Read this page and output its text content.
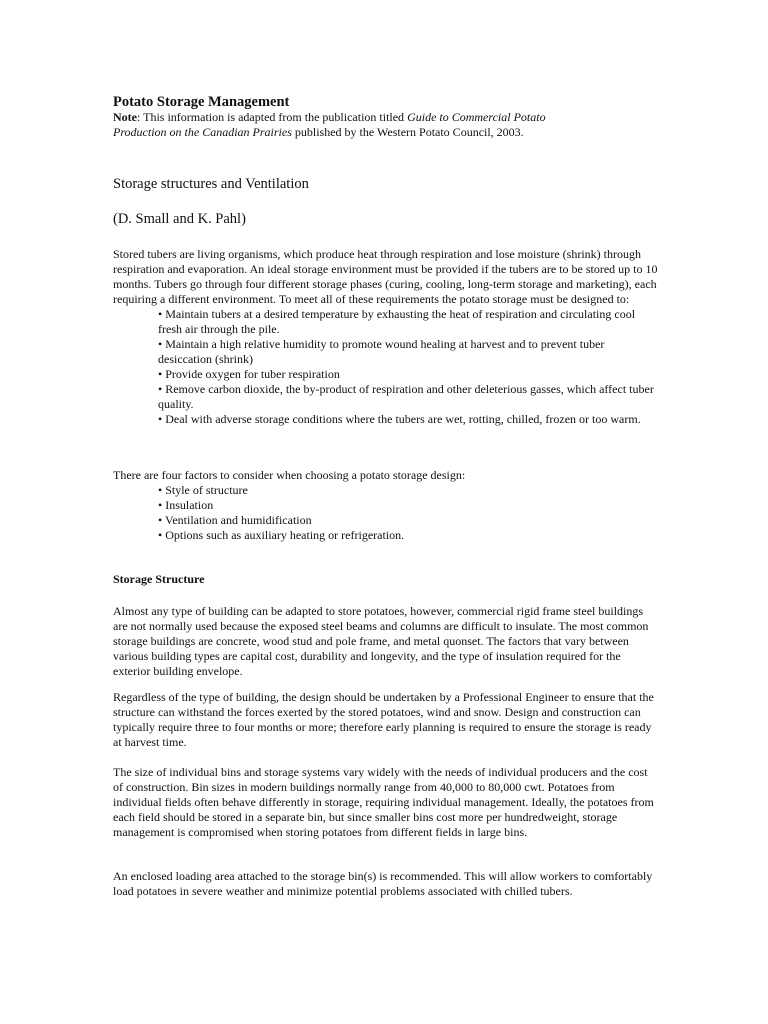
Potato Storage Management
Note: This information is adapted from the publication titled Guide to Commercial Potato Production on the Canadian Prairies published by the Western Potato Council, 2003.
Storage structures and Ventilation
(D. Small and K. Pahl)

Stored tubers are living organisms, which produce heat through respiration and lose moisture (shrink) through respiration and evaporation. An ideal storage environment must be provided if the tubers are to be stored up to 10 months. Tubers go through four different storage phases (curing, cooling, long-term storage and marketing), each requiring a different environment. To meet all of these requirements the potato storage must be designed to:

• Maintain tubers at a desired temperature by exhausting the heat of respiration and circulating cool fresh air through the pile.
• Maintain a high relative humidity to promote wound healing at harvest and to prevent tuber desiccation (shrink)
• Provide oxygen for tuber respiration
• Remove carbon dioxide, the by-product of respiration and other deleterious gasses, which affect tuber quality.
• Deal with adverse storage conditions where the tubers are wet, rotting, chilled, frozen or too warm.

There are four factors to consider when choosing a potato storage design:

• Style of structure
• Insulation
• Ventilation and humidification
• Options such as auxiliary heating or refrigeration.
Storage Structure
Almost any type of building can be adapted to store potatoes, however, commercial rigid frame steel buildings are not normally used because the exposed steel beams and columns are difficult to insulate. The most common storage buildings are concrete, wood stud and pole frame, and metal quonset. The factors that vary between various building types are capital cost, durability and longevity, and the type of insulation required for the exterior building envelope.
Regardless of the type of building, the design should be undertaken by a Professional Engineer to ensure that the structure can withstand the forces exerted by the stored potatoes, wind and snow. Design and construction can typically require three to four months or more; therefore early planning is required to ensure the storage is ready at harvest time.
The size of individual bins and storage systems vary widely with the needs of individual producers and the cost of construction. Bin sizes in modern buildings normally range from 40,000 to 80,000 cwt. Potatoes from individual fields often behave differently in storage, requiring individual management. Ideally, the potatoes from each field should be stored in a separate bin, but since smaller bins cost more per hundredweight, storage management is compromised when storing potatoes from different fields in large bins.
An enclosed loading area attached to the storage bin(s) is recommended. This will allow workers to comfortably load potatoes in severe weather and minimize potential problems associated with chilled tubers.
